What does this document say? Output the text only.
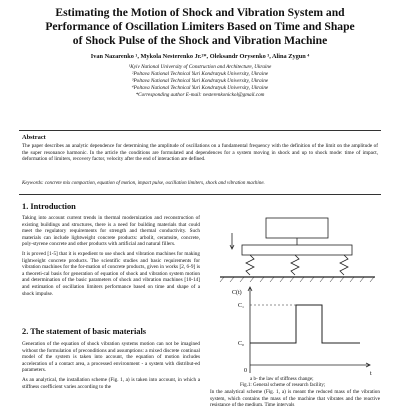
Estimating the Motion of Shock and Vibration System and
Performance of Oscillation Limiters Based on Time and Shape
of Shock Pulse of the Shock and Vibration Machine
Ivan Nazarenko ¹, Mykola Nesterenko Jr.²*, Oleksandr Orysenko ³, Alina Zygun ⁴
¹Kyiv National University of Construction and Architecture, Ukraine
²Poltava National Technical Yuri Kondratyuk University, Ukraine
³Poltava National Technical Yuri Kondratyuk University, Ukraine
⁴Poltava National Technical Yuri Kondratyuk University, Ukraine
*Corresponding author E-mail: nesterenkonickol@gmail.com
Abstract
The paper describes an analytic dependence for determining the amplitude of oscillations on a fundamental frequency with the definition of the limit on the amplitude of the super resonance harmonic. In the article the conditions are formulated and dependences for a system moving in shock and up to shock mode: time of impact, deformation of limiters, recovery factor, velocity after the end of interaction are defined.
Keywords: concrete mix compaction, equation of motion, impact pulse, oscillation limiters, shock and vibration machine.
1. Introduction

Taking into account current trends in thermal modernization and reconstruction of existing buildings and structures, there is a need for building materials that could meet the regulatory requirements for strength and thermal conductivity. Such materials can include lightweight concrete products: arbolit, ceramsite, concrete, poly-styrene concrete and other products with artificial and natural fillers.

It is proved [1-5] that it is expedient to use shock and vibration machines for making lightweight concrete products. The scientific studies and basic requirements for vibration machines for the for-mation of concrete products, given in works [2, 6-9] is a theoreti-cal basis for generation of equation of shock and vibration system motion and determination of the basic parameters of shock and vibration machines [10-14] and estimation of oscillation limiters performance based on time and shape of a shock impulse.

2. The statement of basic materials

Generation of the equation of shock vibration systems motion can not be imagined without the formulation of preconditions and assumptions: a mixed discrete continual model of the system is taken into account, the equation of motion includes acceleration of a contact area, a processed environment - a system with distribut-ed parameters.

As an analytical, the installation scheme (Fig. 1, a) is taken into account, in which a stiffness coefficient varies according to the

C(t)
C₁
C₀
t
0
a b- the law of stiffness change;
Fig.1: General scheme of research facility;
In the analytical scheme (Fig. 1, a) is meant the reduced mass of the vibration system, which contains the mass of the machine that vibrates and the reactive resistance of the medium. Time intervals
